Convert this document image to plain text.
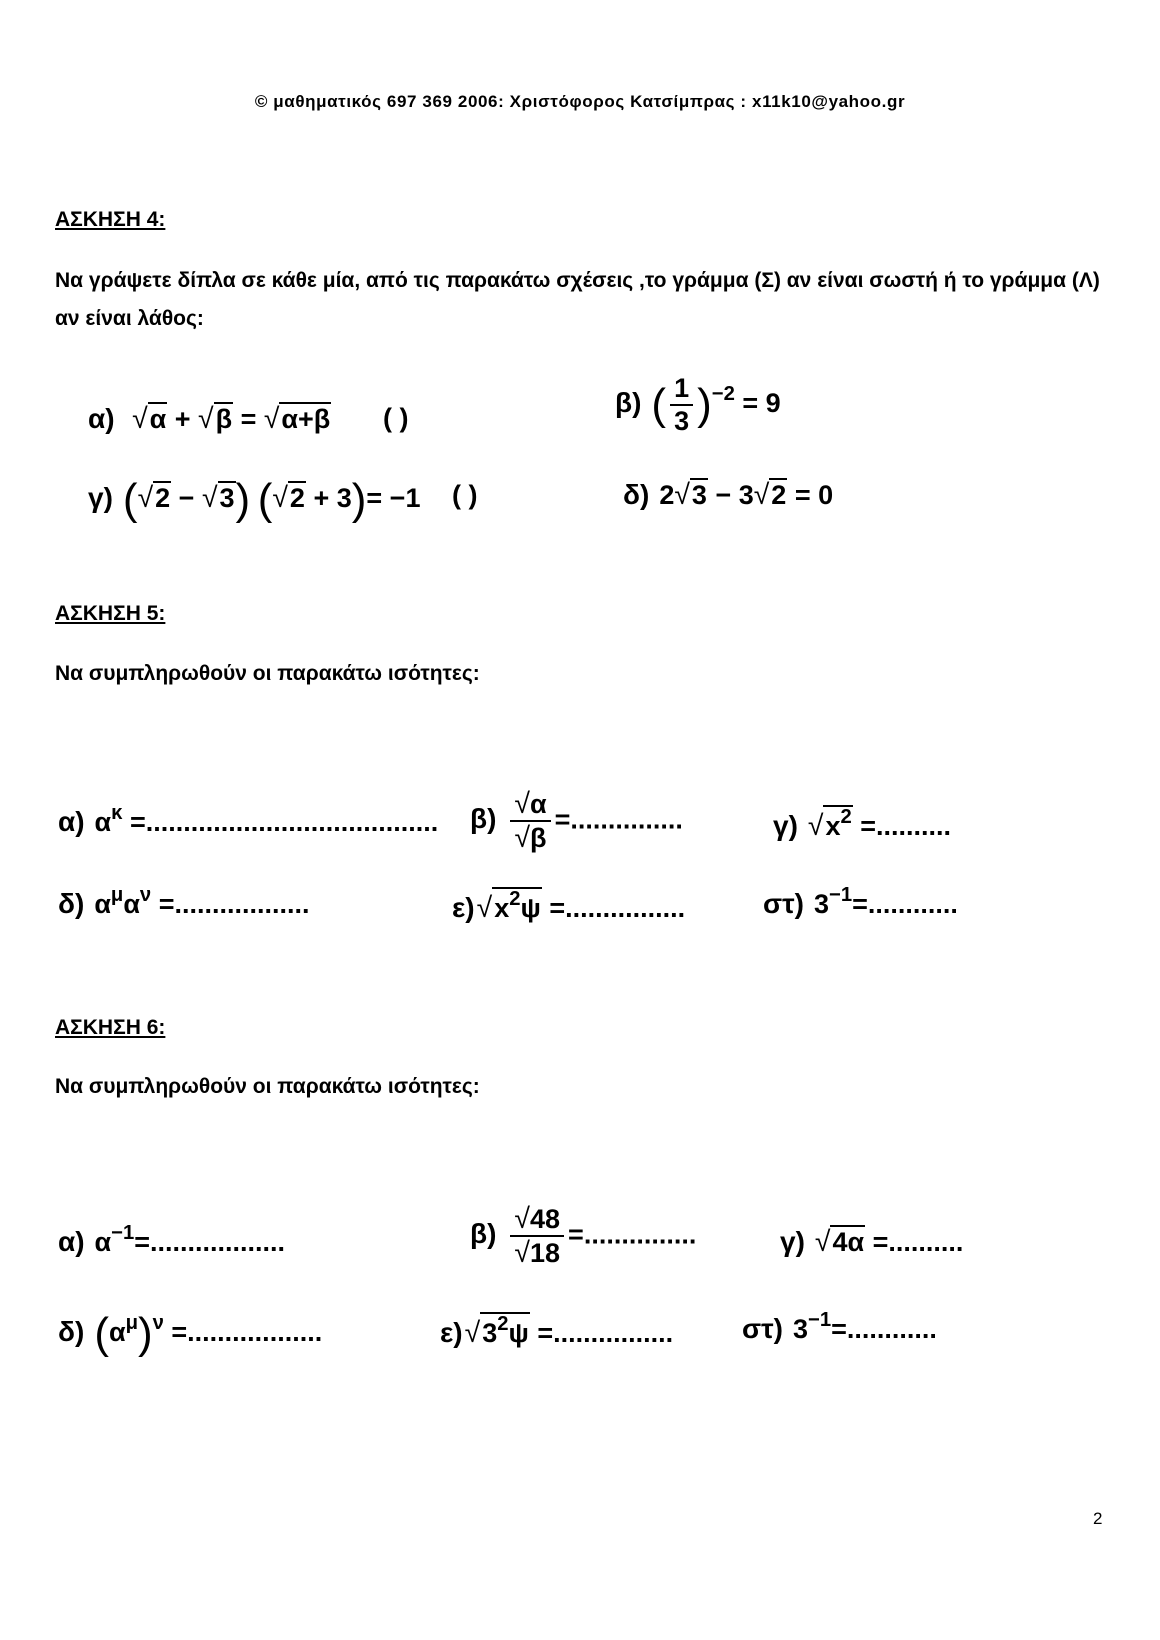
© μαθηματικός 697 369 2006: Χριστόφορος Κατσίμπρας : x11k10@yahoo.gr
ΑΣΚΗΣΗ 4:
Να γράψετε δίπλα σε κάθε μία, από τις παρακάτω σχέσεις ,το γράμμα (Σ) αν είναι σωστή ή το γράμμα (Λ) αν είναι λάθος:
α) √α + √β = √α+β ( )	β) ( $\frac{1}{3} )^{-2} = 9$
γ) (√2 − √3) (√2 + 3)= −1 ( )	δ) 2√3 − 3√2 = 0
ΑΣΚΗΣΗ 5:
Να συμπληρωθούν οι παρακάτω ισότητες:
α) $\alpha^\kappa$ =....................................... $\beta) \frac{√\alpha}{√\beta}$ =...............	γ) $√x^2$ =..........
δ) $\alpha^\mu\alpha^\nu$ =..................	$\varepsilon)√x^2\psi$ =................	στ) $3^{-1}=$............
ΑΣΚΗΣΗ 6:
Να συμπληρωθούν οι παρακάτω ισότητες:
α) $\alpha^{-1}=$..................	$\beta) \frac{√48}{√18}$ =...............	γ) √4α =..........
δ) $(\alpha^\mu)^\nu$ =..................	$\varepsilon)√3^2\psi$ =................ στ) $3^{-1}=$............
2
